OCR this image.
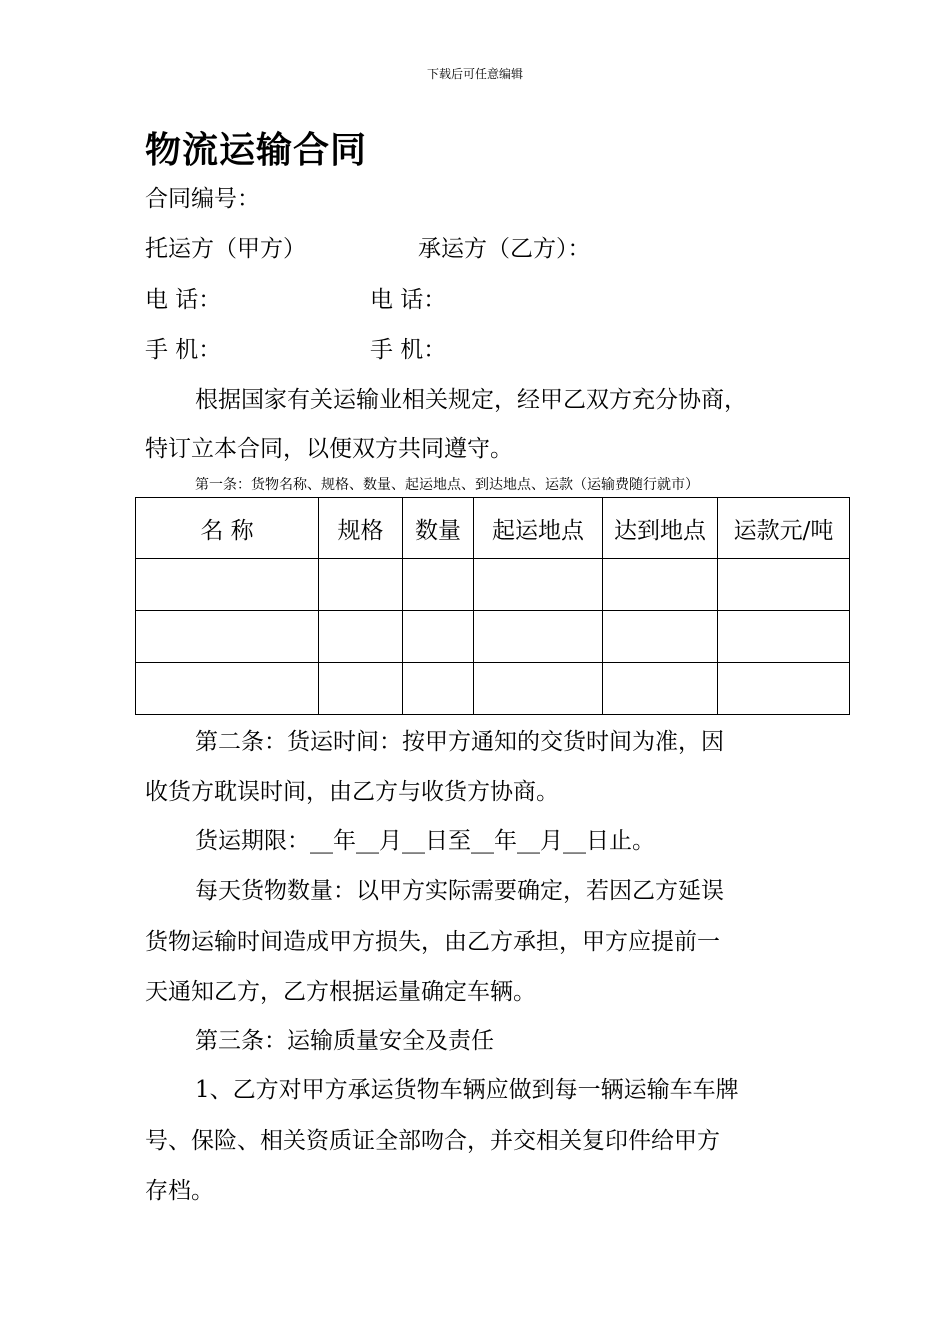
下载后可任意编辑
物流运输合同
合同编号：
托运方（甲方）	承运方（乙方）：
电 话：	电 话：
手 机：	手 机：
根据国家有关运输业相关规定，经甲乙双方充分协商，
特订立本合同，以便双方共同遵守。
第一条：货物名称、规格、数量、起运地点、到达地点、运款（运输费随行就市）
名 称	规格	数量	起运地点	达到地点	运款元/吨

第二条：货运时间：按甲方通知的交货时间为准，因
收货方耽误时间，由乙方与收货方协商。
货运期限：__年__月__日至__年__月__日止。
每天货物数量：以甲方实际需要确定，若因乙方延误
货物运输时间造成甲方损失，由乙方承担，甲方应提前一
天通知乙方，乙方根据运量确定车辆。
第三条：运输质量安全及责任
1、乙方对甲方承运货物车辆应做到每一辆运输车车牌
号、保险、相关资质证全部吻合，并交相关复印件给甲方
存档。
